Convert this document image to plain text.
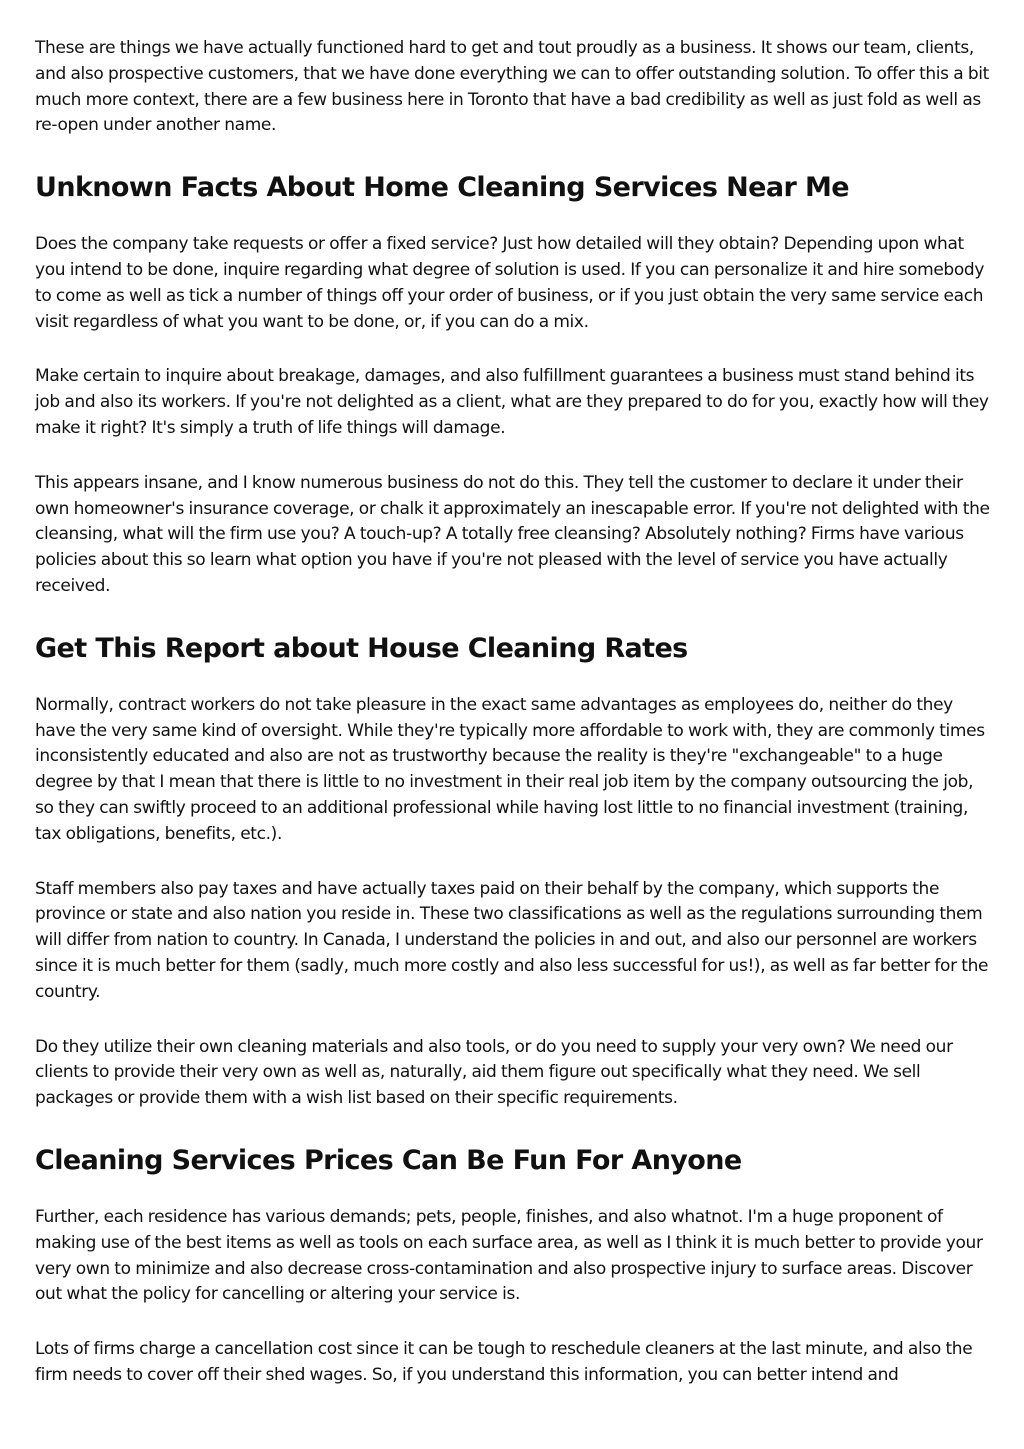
These are things we have actually functioned hard to get and tout proudly as a business. It shows our team, clients, and also prospective customers, that we have done everything we can to offer outstanding solution. To offer this a bit much more context, there are a few business here in Toronto that have a bad credibility as well as just fold as well as re-open under another name.

Unknown Facts About Home Cleaning Services Near Me

Does the company take requests or offer a fixed service? Just how detailed will they obtain? Depending upon what you intend to be done, inquire regarding what degree of solution is used. If you can personalize it and hire somebody to come as well as tick a number of things off your order of business, or if you just obtain the very same service each visit regardless of what you want to be done, or, if you can do a mix.

Make certain to inquire about breakage, damages, and also fulfillment guarantees a business must stand behind its job and also its workers. If you're not delighted as a client, what are they prepared to do for you, exactly how will they make it right? It's simply a truth of life things will damage.

This appears insane, and I know numerous business do not do this. They tell the customer to declare it under their own homeowner's insurance coverage, or chalk it approximately an inescapable error. If you're not delighted with the cleansing, what will the firm use you? A touch-up? A totally free cleansing? Absolutely nothing? Firms have various policies about this so learn what option you have if you're not pleased with the level of service you have actually received.

Get This Report about House Cleaning Rates

Normally, contract workers do not take pleasure in the exact same advantages as employees do, neither do they have the very same kind of oversight. While they're typically more affordable to work with, they are commonly times inconsistently educated and also are not as trustworthy because the reality is they're "exchangeable" to a huge degree by that I mean that there is little to no investment in their real job item by the company outsourcing the job, so they can swiftly proceed to an additional professional while having lost little to no financial investment (training, tax obligations, benefits, etc.).

Staff members also pay taxes and have actually taxes paid on their behalf by the company, which supports the province or state and also nation you reside in. These two classifications as well as the regulations surrounding them will differ from nation to country. In Canada, I understand the policies in and out, and also our personnel are workers since it is much better for them (sadly, much more costly and also less successful for us!), as well as far better for the country.

Do they utilize their own cleaning materials and also tools, or do you need to supply your very own? We need our clients to provide their very own as well as, naturally, aid them figure out specifically what they need. We sell packages or provide them with a wish list based on their specific requirements.

Cleaning Services Prices Can Be Fun For Anyone

Further, each residence has various demands; pets, people, finishes, and also whatnot. I'm a huge proponent of making use of the best items as well as tools on each surface area, as well as I think it is much better to provide your very own to minimize and also decrease cross-contamination and also prospective injury to surface areas. Discover out what the policy for cancelling or altering your service is.

Lots of firms charge a cancellation cost since it can be tough to reschedule cleaners at the last minute, and also the firm needs to cover off their shed wages. So, if you understand this information, you can better intend and
